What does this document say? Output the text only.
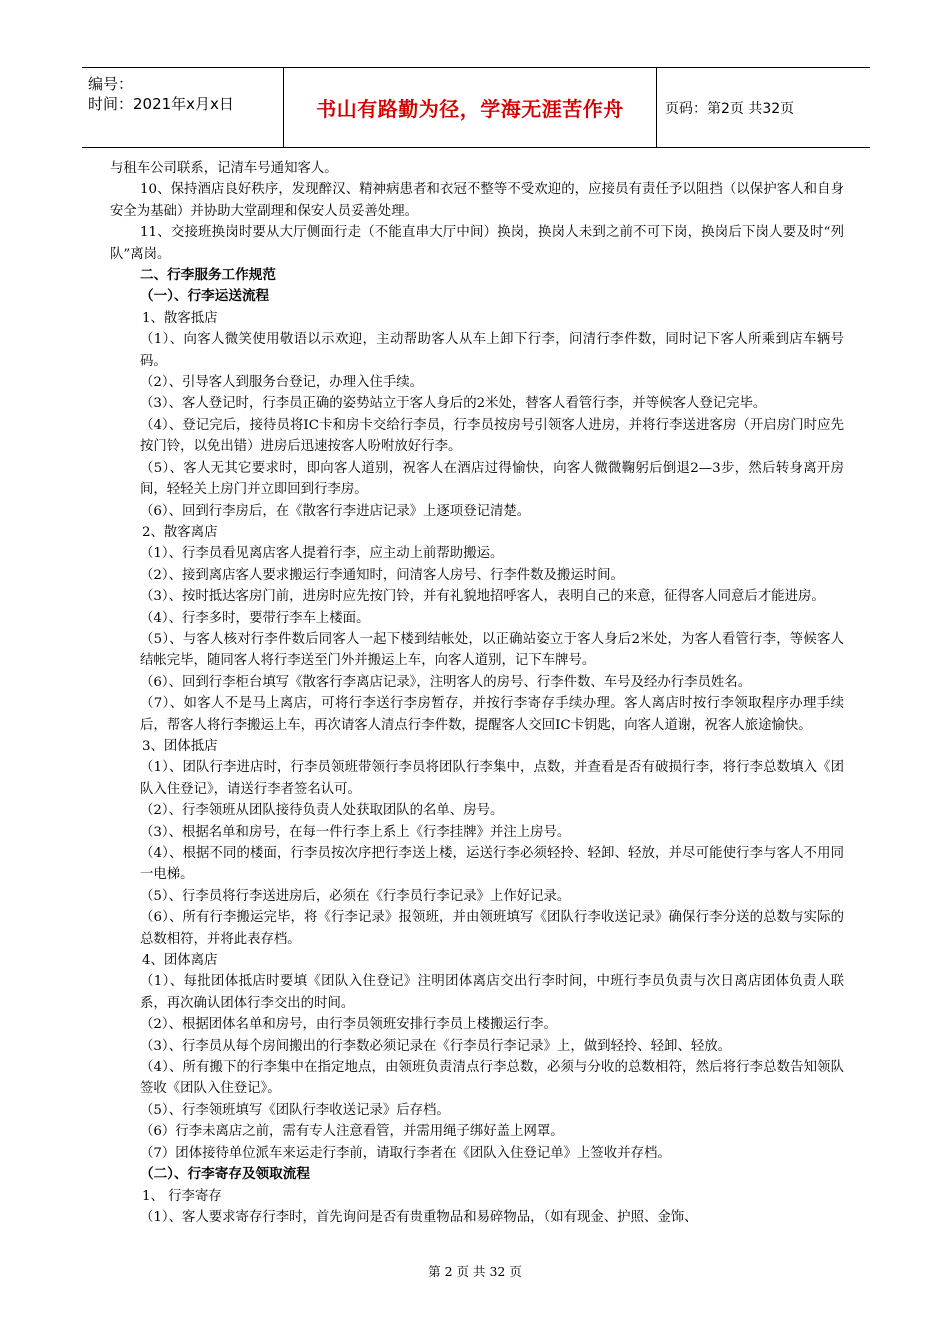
编号：
时间：2021年x月x日	书山有路勤为径，学海无涯苦作舟	页码：第2页 共32页

与租车公司联系，记清车号通知客人。

10、保持酒店良好秩序，发现醉汉、精神病患者和衣冠不整等不受欢迎的，应接员有责任予以阻挡（以保护客人和自身安全为基础）并协助大堂副理和保安人员妥善处理。

11、交接班换岗时要从大厅侧面行走（不能直串大厅中间）换岗，换岗人未到之前不可下岗，换岗后下岗人要及时“列队”离岗。

二、行李服务工作规范

（一）、行李运送流程

1、散客抵店

（1）、向客人微笑使用敬语以示欢迎，主动帮助客人从车上卸下行李，问清行李件数，同时记下客人所乘到店车辆号码。

（2）、引导客人到服务台登记，办理入住手续。

（3）、客人登记时，行李员正确的姿势站立于客人身后的2米处，替客人看管行李，并等候客人登记完毕。

（4）、登记完后，接待员将IC卡和房卡交给行李员，行李员按房号引领客人进房，并将行李送进客房（开启房门时应先按门铃，以免出错）进房后迅速按客人吩咐放好行李。

（5）、客人无其它要求时，即向客人道别，祝客人在酒店过得愉快，向客人微微鞠躬后倒退2—3步，然后转身离开房间，轻轻关上房门并立即回到行李房。

（6）、回到行李房后，在《散客行李进店记录》上逐项登记清楚。

2、散客离店

（1）、行李员看见离店客人提着行李，应主动上前帮助搬运。

（2）、接到离店客人要求搬运行李通知时，问清客人房号、行李件数及搬运时间。

（3）、按时抵达客房门前，进房时应先按门铃，并有礼貌地招呼客人，表明自己的来意，征得客人同意后才能进房。

（4）、行李多时，要带行李车上楼面。

（5）、与客人核对行李件数后同客人一起下楼到结帐处，以正确站姿立于客人身后2米处，为客人看管行李，等候客人结帐完毕，随同客人将行李送至门外并搬运上车，向客人道别，记下车牌号。

（6）、回到行李柜台填写《散客行李离店记录》，注明客人的房号、行李件数、车号及经办行李员姓名。

（7）、如客人不是马上离店，可将行李送行李房暂存，并按行李寄存手续办理。客人离店时按行李领取程序办理手续后，帮客人将行李搬运上车，再次请客人清点行李件数，提醒客人交回IC卡钥匙，向客人道谢，祝客人旅途愉快。

3、团体抵店

（1）、团队行李进店时，行李员领班带领行李员将团队行李集中，点数，并查看是否有破损行李，将行李总数填入《团队入住登记》，请送行李者签名认可。

（2）、行李领班从团队接待负责人处获取团队的名单、房号。

（3）、根据名单和房号，在每一件行李上系上《行李挂牌》并注上房号。

（4）、根据不同的楼面，行李员按次序把行李送上楼，运送行李必须轻拎、轻卸、轻放，并尽可能使行李与客人不用同一电梯。

（5）、行李员将行李送进房后，必须在《行李员行李记录》上作好记录。

（6）、所有行李搬运完毕，将《行李记录》报领班，并由领班填写《团队行李收送记录》确保行李分送的总数与实际的总数相符，并将此表存档。

4、团体离店

（1）、每批团体抵店时要填《团队入住登记》注明团体离店交出行李时间，中班行李员负责与次日离店团体负责人联系，再次确认团体行李交出的时间。

（2）、根据团体名单和房号，由行李员领班安排行李员上楼搬运行李。

（3）、行李员从每个房间搬出的行李数必须记录在《行李员行李记录》上，做到轻拎、轻卸、轻放。

（4）、所有搬下的行李集中在指定地点，由领班负责清点行李总数，必须与分收的总数相符，然后将行李总数告知领队签收《团队入住登记》。

（5）、行李领班填写《团队行李收送记录》后存档。

（6）行李未离店之前，需有专人注意看管，并需用绳子绑好盖上网罩。

（7）团体接待单位派车来运走行李前，请取行李者在《团队入住登记单》上签收并存档。

（二）、行李寄存及领取流程

1、 行李寄存

（1）、客人要求寄存行李时，首先询问是否有贵重物品和易碎物品，（如有现金、护照、金饰、

第 2 页 共 32 页
